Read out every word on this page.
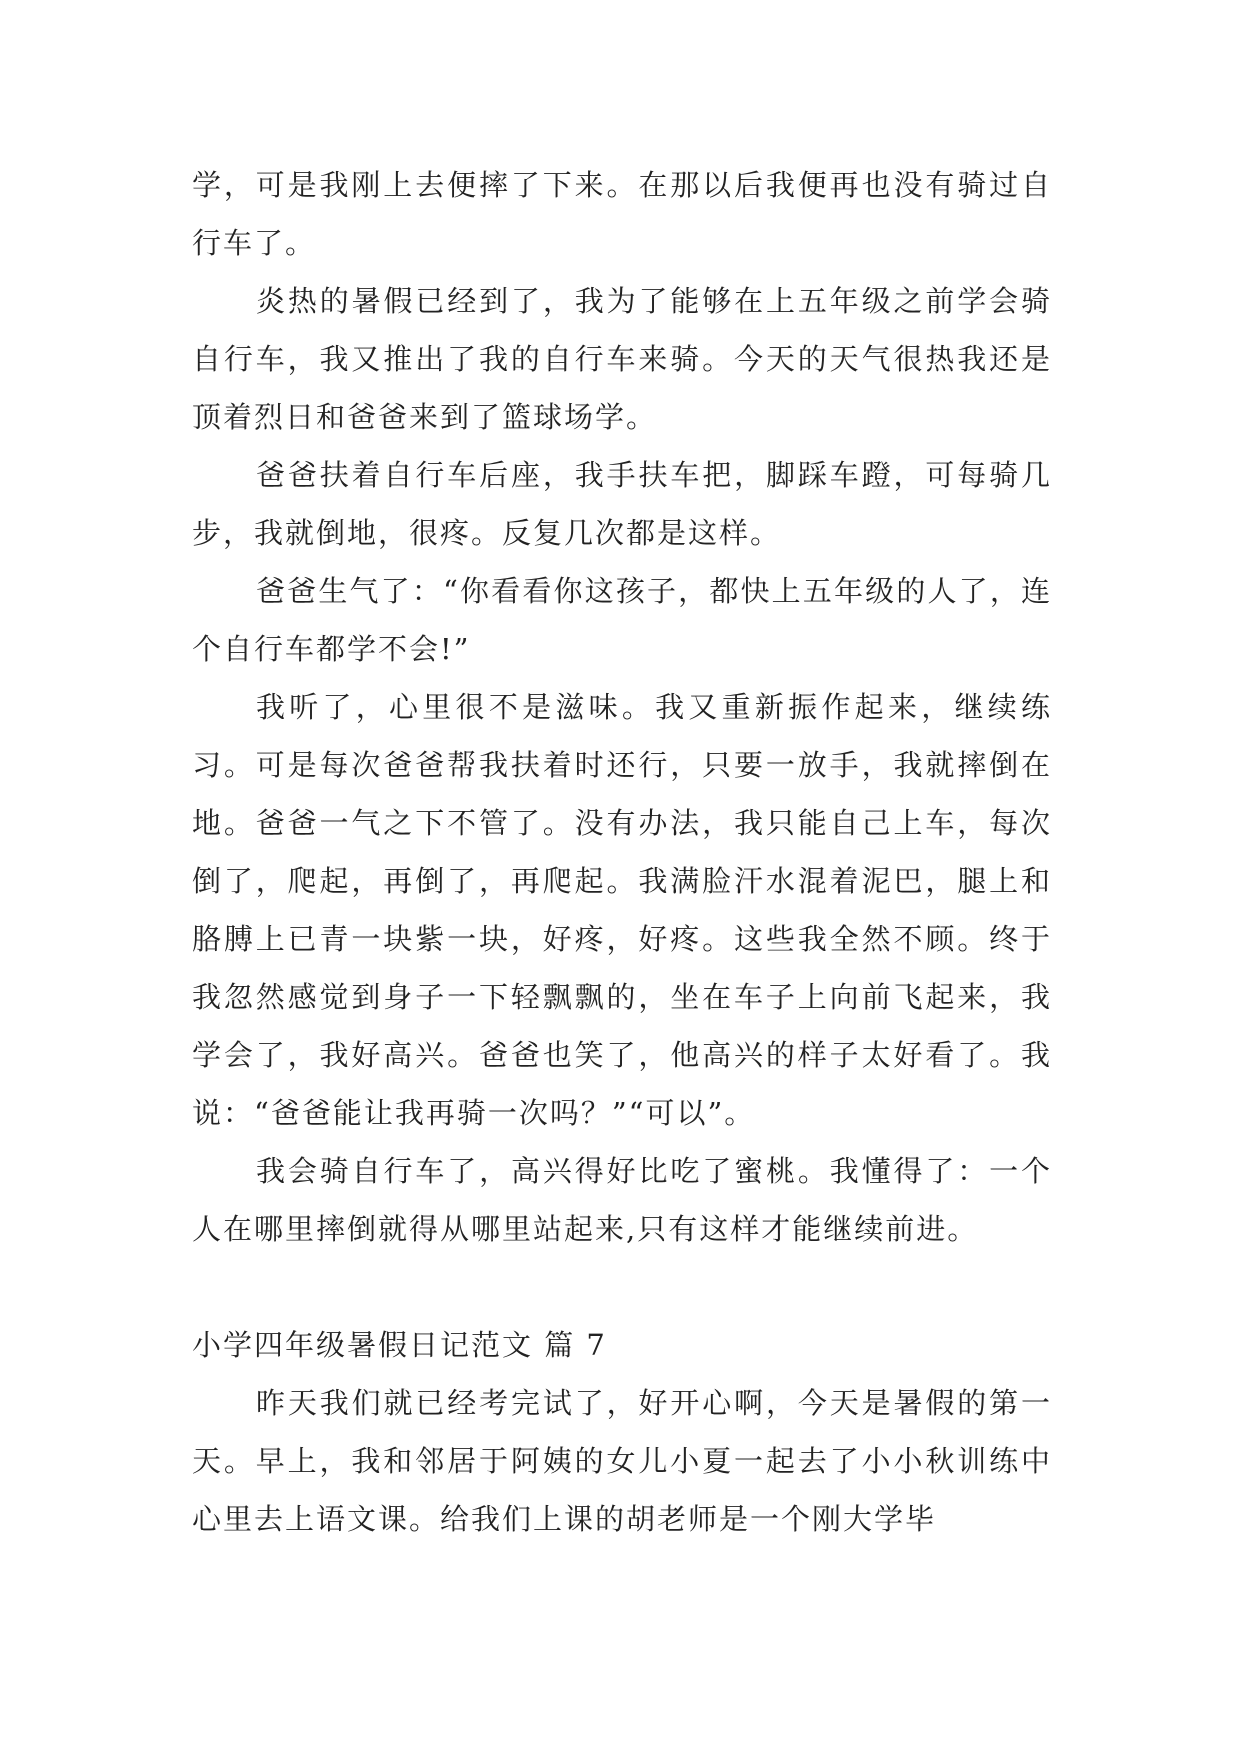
学，可是我刚上去便摔了下来。在那以后我便再也没有骑过自行车了。

炎热的暑假已经到了，我为了能够在上五年级之前学会骑自行车，我又推出了我的自行车来骑。今天的天气很热我还是顶着烈日和爸爸来到了篮球场学。

爸爸扶着自行车后座，我手扶车把，脚踩车蹬，可每骑几步，我就倒地，很疼。反复几次都是这样。

爸爸生气了：“你看看你这孩子，都快上五年级的人了，连个自行车都学不会!”

我听了，心里很不是滋味。我又重新振作起来，继续练习。可是每次爸爸帮我扶着时还行，只要一放手，我就摔倒在地。爸爸一气之下不管了。没有办法，我只能自己上车，每次倒了，爬起，再倒了，再爬起。我满脸汗水混着泥巴，腿上和胳膊上已青一块紫一块，好疼，好疼。这些我全然不顾。终于我忽然感觉到身子一下轻飘飘的，坐在车子上向前飞起来，我学会了，我好高兴。爸爸也笑了，他高兴的样子太好看了。我说：“爸爸能让我再骑一次吗？”“可以”。

我会骑自行车了，高兴得好比吃了蜜桃。我懂得了：一个人在哪里摔倒就得从哪里站起来,只有这样才能继续前进。

小学四年级暑假日记范文 篇 7

昨天我们就已经考完试了，好开心啊，今天是暑假的第一天。早上，我和邻居于阿姨的女儿小夏一起去了小小秋训练中心里去上语文课。给我们上课的胡老师是一个刚大学毕
